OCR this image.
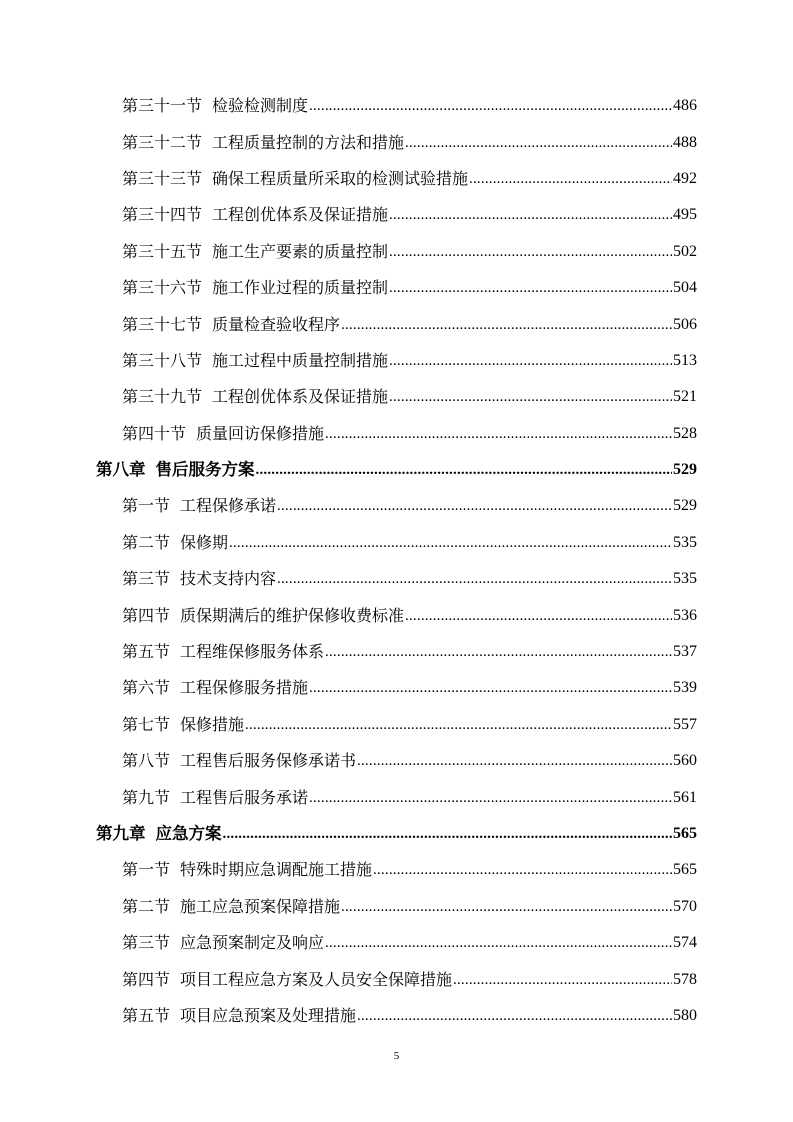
第三十一节 检验检测制度 .....	486
第三十二节 工程质量控制的方法和措施 .....	488
第三十三节 确保工程质量所采取的检测试验措施 .....	492
第三十四节 工程创优体系及保证措施 .....	495
第三十五节 施工生产要素的质量控制 .....	502
第三十六节 施工作业过程的质量控制 .....	504
第三十七节 质量检查验收程序 .....	506
第三十八节 施工过程中质量控制措施 .....	513
第三十九节 工程创优体系及保证措施 .....	521
第四十节 质量回访保修措施 .....	528
第八章 售后服务方案 .....	529
第一节 工程保修承诺 .....	529
第二节 保修期 .....	535
第三节 技术支持内容 .....	535
第四节 质保期满后的维护保修收费标准 .....	536
第五节 工程维保修服务体系 .....	537
第六节 工程保修服务措施 .....	539
第七节 保修措施 .....	557
第八节 工程售后服务保修承诺书 .....	560
第九节 工程售后服务承诺 .....	561
第九章 应急方案 .....	565
第一节 特殊时期应急调配施工措施 .....	565
第二节 施工应急预案保障措施 .....	570
第三节 应急预案制定及响应 .....	574
第四节 项目工程应急方案及人员安全保障措施 .....	578
第五节 项目应急预案及处理措施 .....	580
5
